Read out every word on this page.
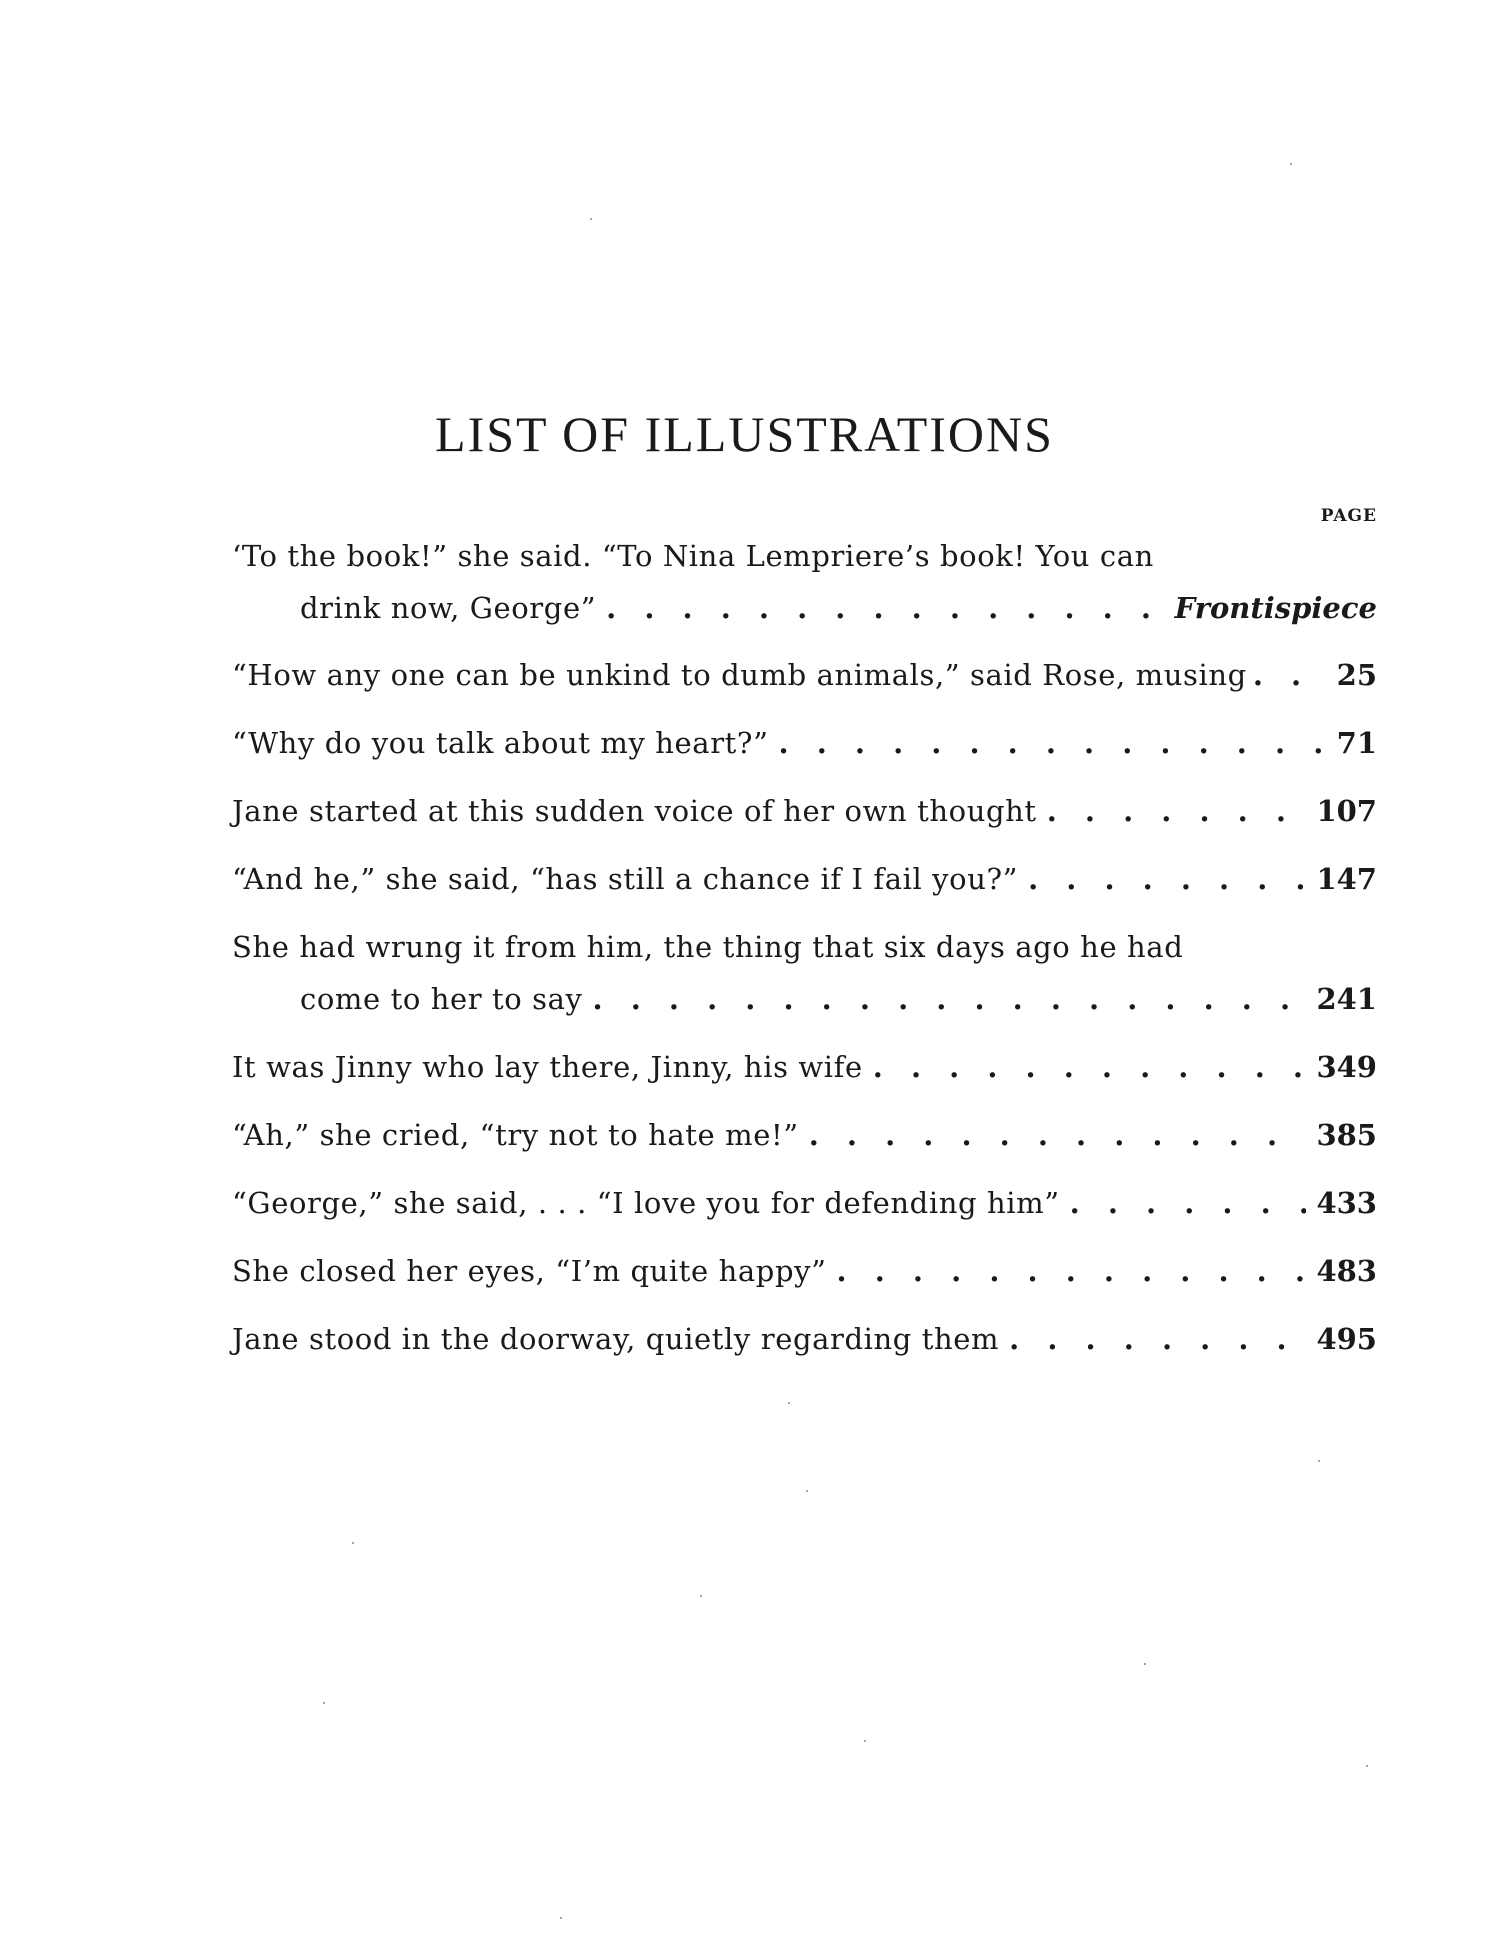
LIST OF ILLUSTRATIONS
PAGE
‘To the book!” she said. “To Nina Lempriere’s book! You can
drink now, George” . . .	Frontispiece
“How any one can be unkind to dumb animals,” said Rose, musing . . .	25
“Why do you talk about my heart?” . . .	71
Jane started at this sudden voice of her own thought . . .	107
“And he,” she said, “has still a chance if I fail you?” . . .	147
She had wrung it from him, the thing that six days ago he had
come to her to say . . .	241
It was Jinny who lay there, Jinny, his wife . . .	349
“Ah,” she cried, “try not to hate me!” . . .	385
“George,” she said, . . . “I love you for defending him” . . .	433
She closed her eyes, “I’m quite happy” . . .	483
Jane stood in the doorway, quietly regarding them . . .	495
